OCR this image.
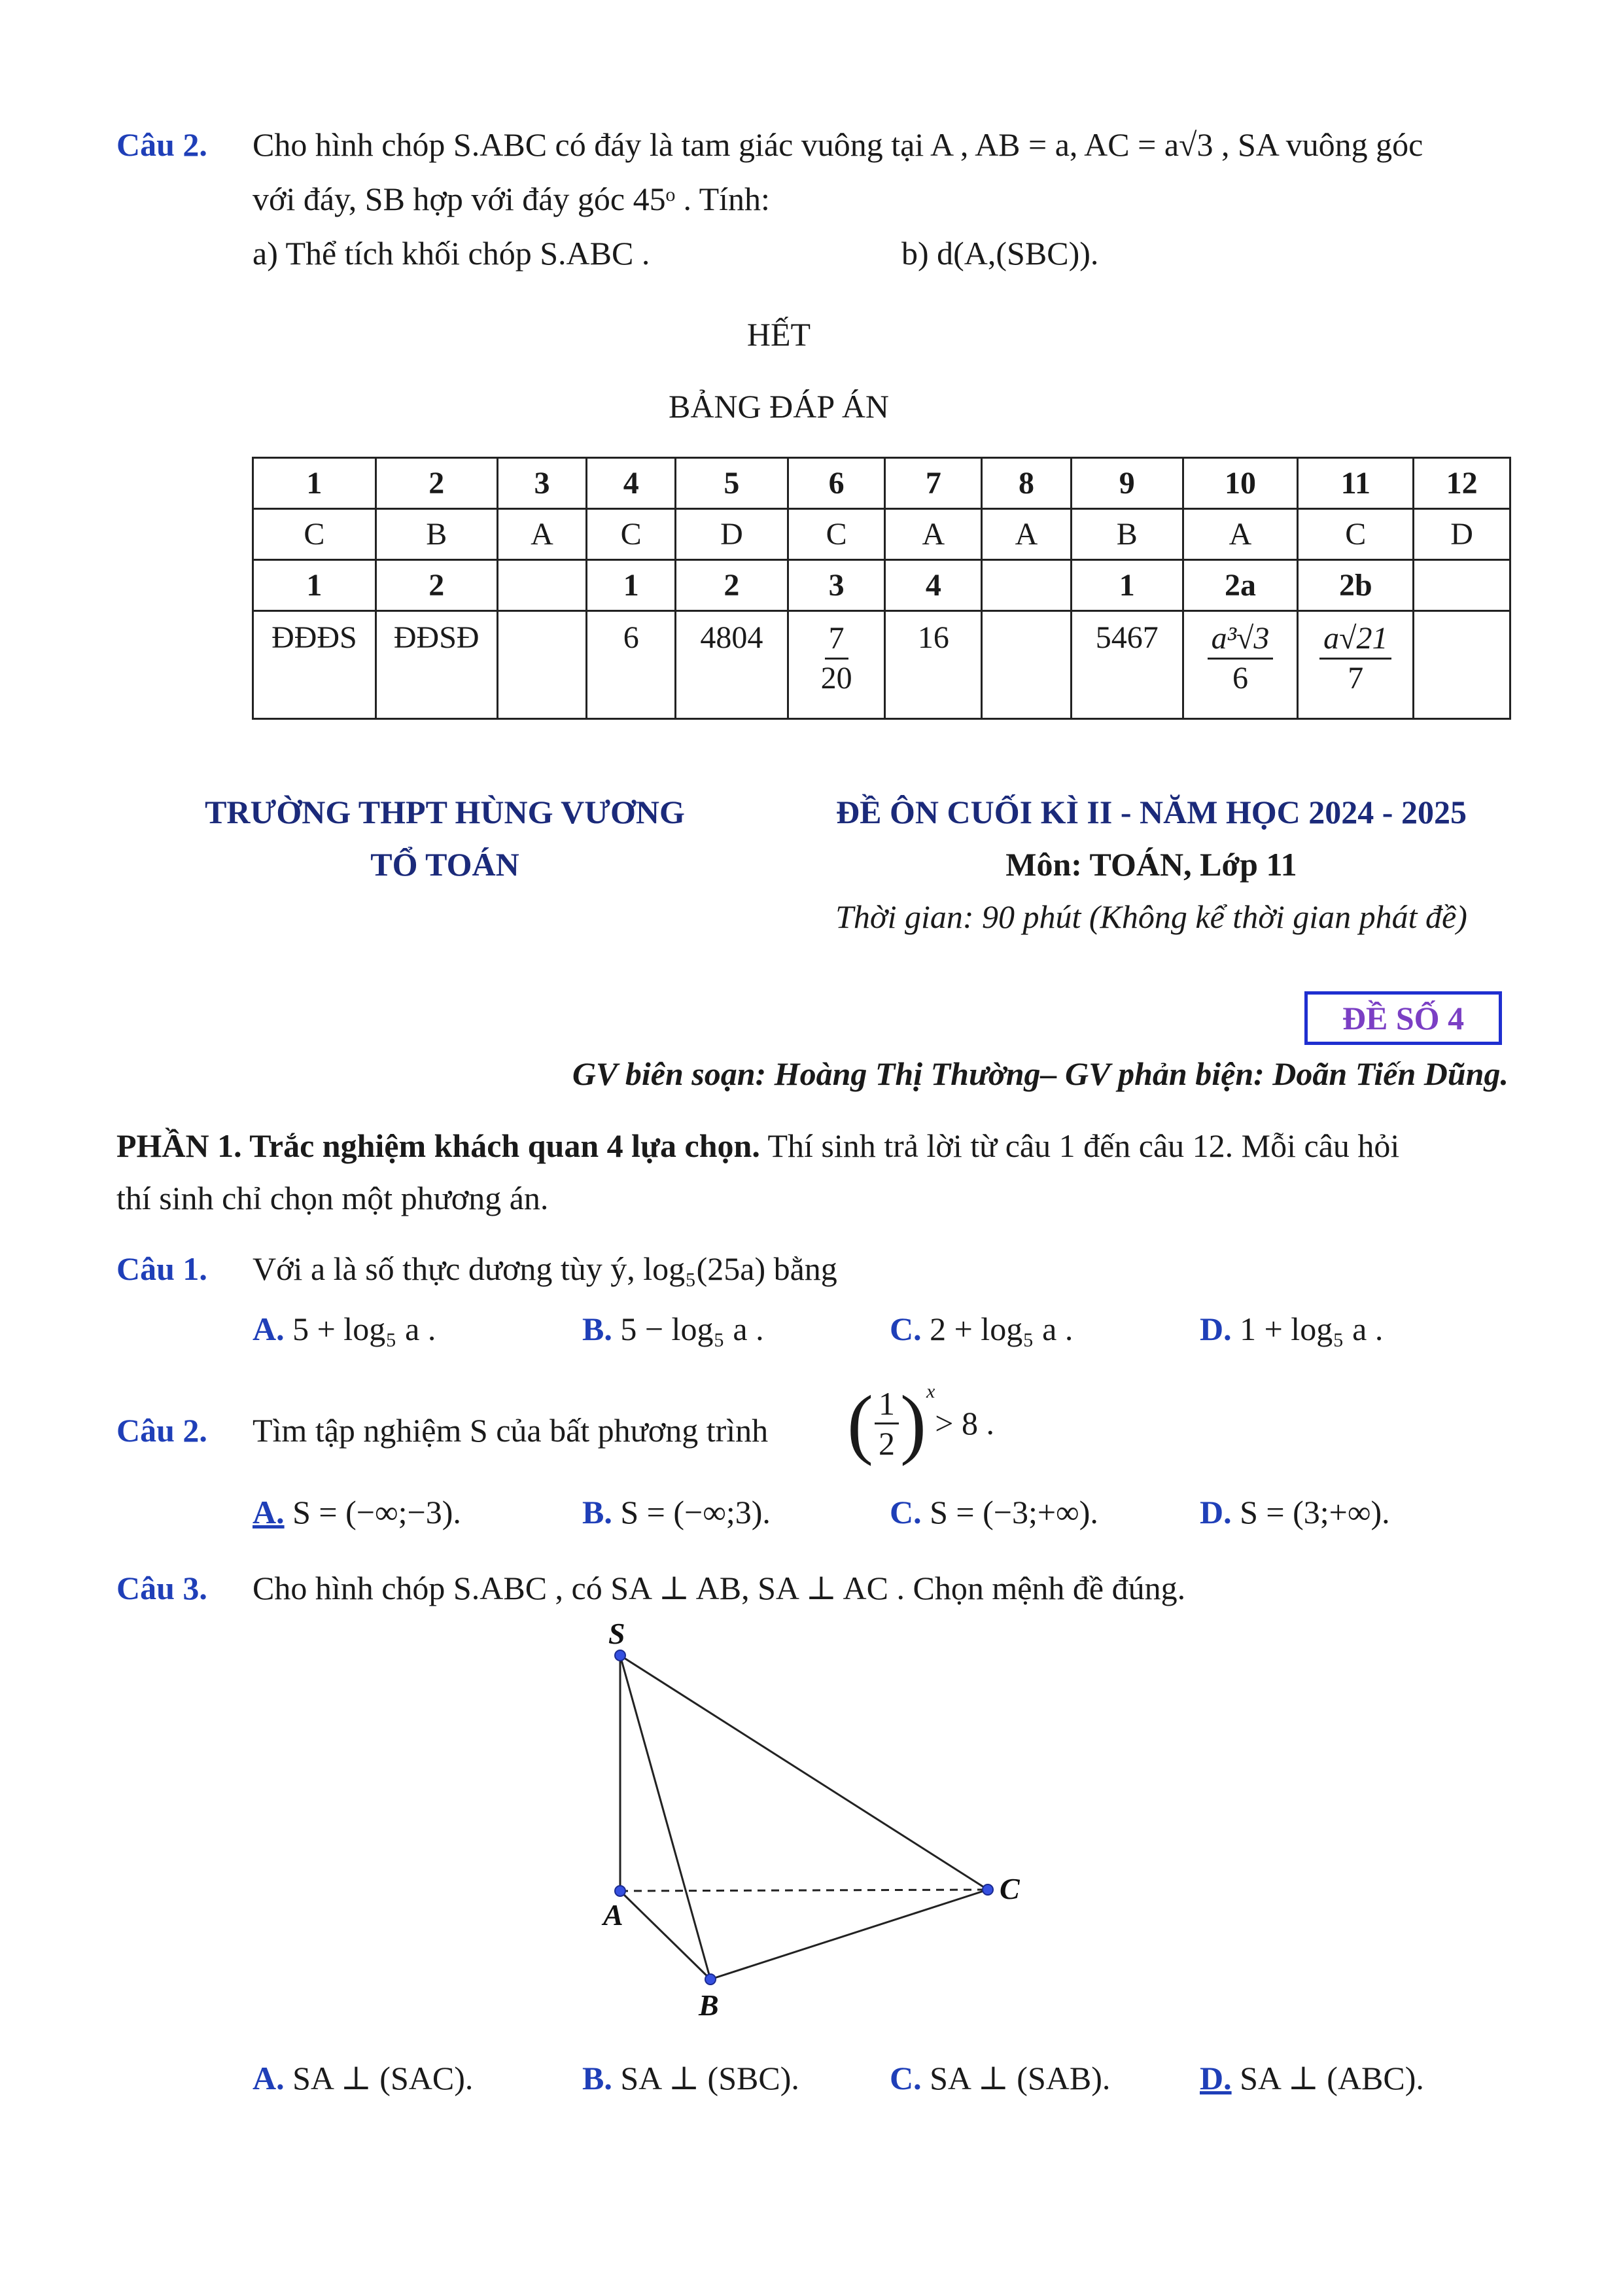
Câu 2. Cho hình chóp S.ABC có đáy là tam giác vuông tại A , AB = a, AC = a√3 , SA vuông góc
với đáy, SB hợp với đáy góc 45ᵒ . Tính:
a) Thể tích khối chóp S.ABC .	b) d(A,(SBC)).
HẾT
BẢNG ĐÁP ÁN
1	2	3	4	5	6	7	8	9	10	11	12
C	B	A	C	D	C	A	A	B	A	C	D
1	2		1	2	3	4		1	2a	2b	
ĐĐĐS	ĐĐSĐ		6	4804	$\frac{7}{20}$	16		5467	$\frac{\text{a³√3}}{6}$	$\frac{a√21}{7}$

TRƯỜNG THPT HÙNG VƯƠNG
TỔ TOÁN
ĐỀ ÔN CUỐI KÌ II - NĂM HỌC 2024 - 2025
Môn: TOÁN, Lớp 11
Thời gian: 90 phút (Không kể thời gian phát đề)
ĐỀ SỐ 4
GV biên soạn: Hoàng Thị Thường– GV phản biện: Doãn Tiến Dũng.
PHẦN 1. Trắc nghiệm khách quan 4 lựa chọn. Thí sinh trả lời từ câu 1 đến câu 12. Mỗi câu hỏi
thí sinh chỉ chọn một phương án.
Câu 1. Với a là số thực dương tùy ý, log₅(25a) bằng
A. 5 + log₅ a .	B. 5 − log₅ a .	C. 2 + log₅ a .	D. 1 + log₅ a .
Câu 2. Tìm tập nghiệm S của bất phương trình ( $\frac{1}{2}$ ) x
> 8 .
A. S = (−∞;−3).	B. S = (−∞;3).	C. S = (−3;+∞).	D. S = (3;+∞).
Câu 3. Cho hình chóp S.ABC , có SA ⊥ AB, SA ⊥ AC . Chọn mệnh đề đúng.
S
A
B
C
A. SA ⊥ (SAC).	B. SA ⊥ (SBC).	C. SA ⊥ (SAB).	D. SA ⊥ (ABC).
